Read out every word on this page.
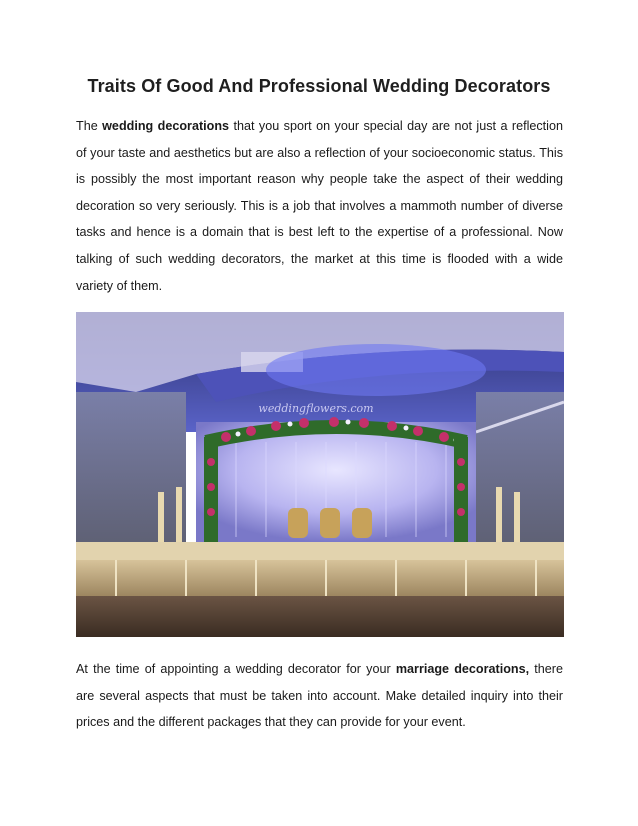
Traits Of Good And Professional Wedding Decorators

The wedding decorations that you sport on your special day are not just a reflection of your taste and aesthetics but are also a reflection of your socioeconomic status. This is possibly the most important reason why people take the aspect of their wedding decoration so very seriously. This is a job that involves a mammoth number of diverse tasks and hence is a domain that is best left to the expertise of a professional. Now talking of such wedding decorators, the market at this time is flooded with a wide variety of them.

weddingflowers.com

At the time of appointing a wedding decorator for your marriage decorations, there are several aspects that must be taken into account. Make detailed inquiry into their prices and the different packages that they can provide for your event.
